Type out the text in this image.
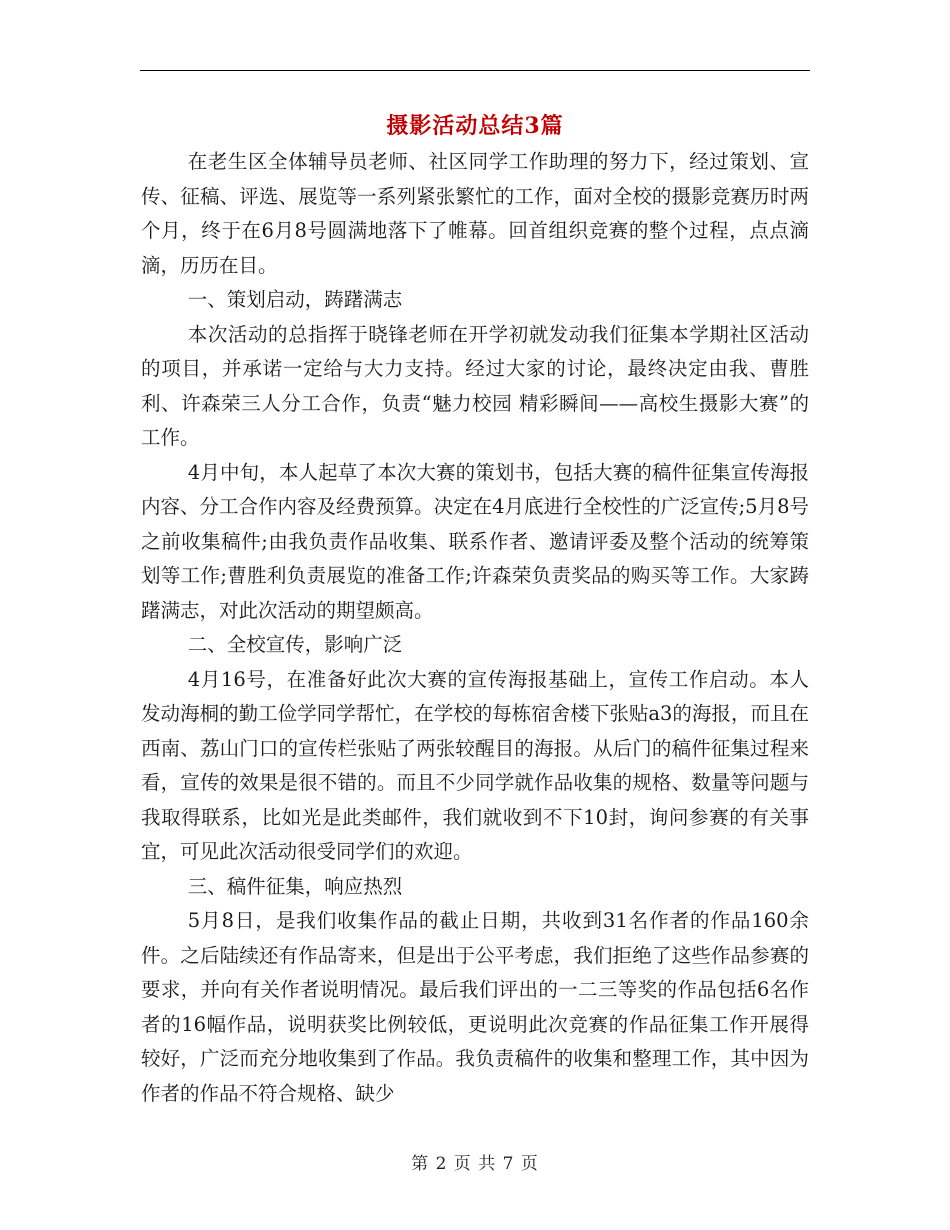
摄影活动总结3篇

在老生区全体辅导员老师、社区同学工作助理的努力下，经过策划、宣传、征稿、评选、展览等一系列紧张繁忙的工作，面对全校的摄影竞赛历时两个月，终于在6月8号圆满地落下了帷幕。回首组织竞赛的整个过程，点点滴滴，历历在目。

一、策划启动，踌躇满志

本次活动的总指挥于晓锋老师在开学初就发动我们征集本学期社区活动的项目，并承诺一定给与大力支持。经过大家的讨论，最终决定由我、曹胜利、许森荣三人分工合作，负责“魅力校园 精彩瞬间——高校生摄影大赛”的工作。

4月中旬，本人起草了本次大赛的策划书，包括大赛的稿件征集宣传海报内容、分工合作内容及经费预算。决定在4月底进行全校性的广泛宣传;5月8号之前收集稿件;由我负责作品收集、联系作者、邀请评委及整个活动的统筹策划等工作;曹胜利负责展览的准备工作;许森荣负责奖品的购买等工作。大家踌躇满志，对此次活动的期望颇高。

二、全校宣传，影响广泛

4月16号，在准备好此次大赛的宣传海报基础上，宣传工作启动。本人发动海桐的勤工俭学同学帮忙，在学校的每栋宿舍楼下张贴a3的海报，而且在西南、荔山门口的宣传栏张贴了两张较醒目的海报。从后门的稿件征集过程来看，宣传的效果是很不错的。而且不少同学就作品收集的规格、数量等问题与我取得联系，比如光是此类邮件，我们就收到不下10封，询问参赛的有关事宜，可见此次活动很受同学们的欢迎。

三、稿件征集，响应热烈

5月8日，是我们收集作品的截止日期，共收到31名作者的作品160余件。之后陆续还有作品寄来，但是出于公平考虑，我们拒绝了这些作品参赛的要求，并向有关作者说明情况。最后我们评出的一二三等奖的作品包括6名作者的16幅作品，说明获奖比例较低，更说明此次竞赛的作品征集工作开展得较好，广泛而充分地收集到了作品。我负责稿件的收集和整理工作，其中因为作者的作品不符合规格、缺少

第 2 页 共 7 页
